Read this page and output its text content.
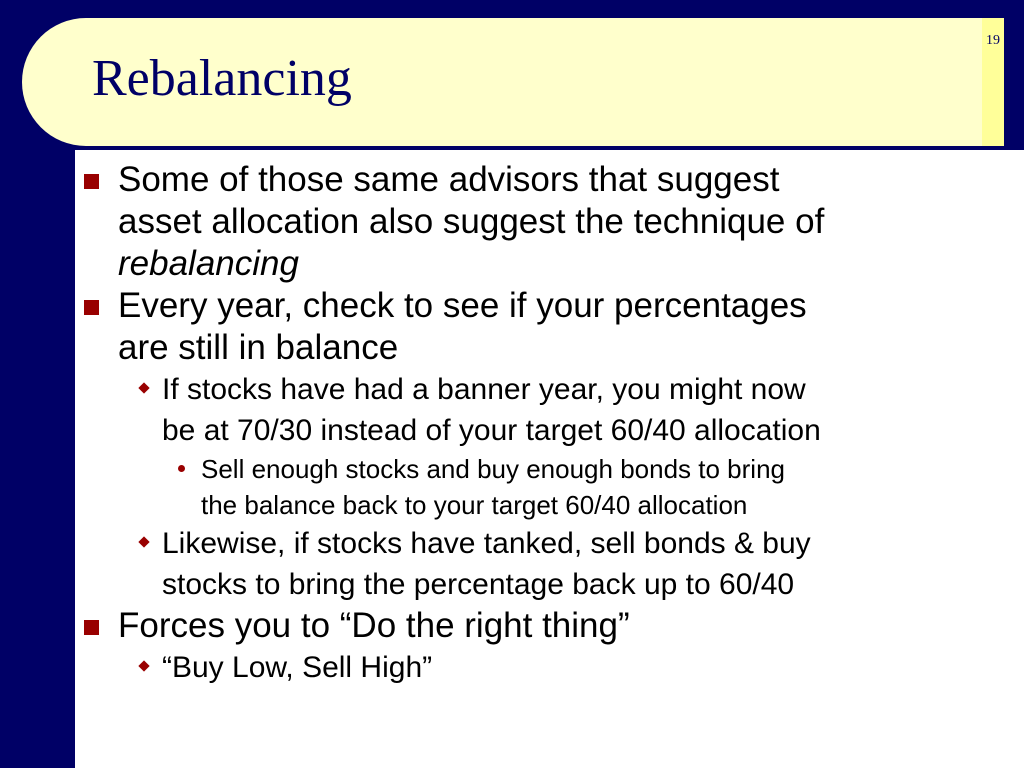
19
Rebalancing
Some of those same advisors that suggest
asset allocation also suggest the technique of
rebalancing
Every year, check to see if your percentages
are still in balance
If stocks have had a banner year, you might now
be at 70/30 instead of your target 60/40 allocation
Sell enough stocks and buy enough bonds to bring
the balance back to your target 60/40 allocation
Likewise, if stocks have tanked, sell bonds & buy
stocks to bring the percentage back up to 60/40
Forces you to “Do the right thing”
“Buy Low, Sell High”
